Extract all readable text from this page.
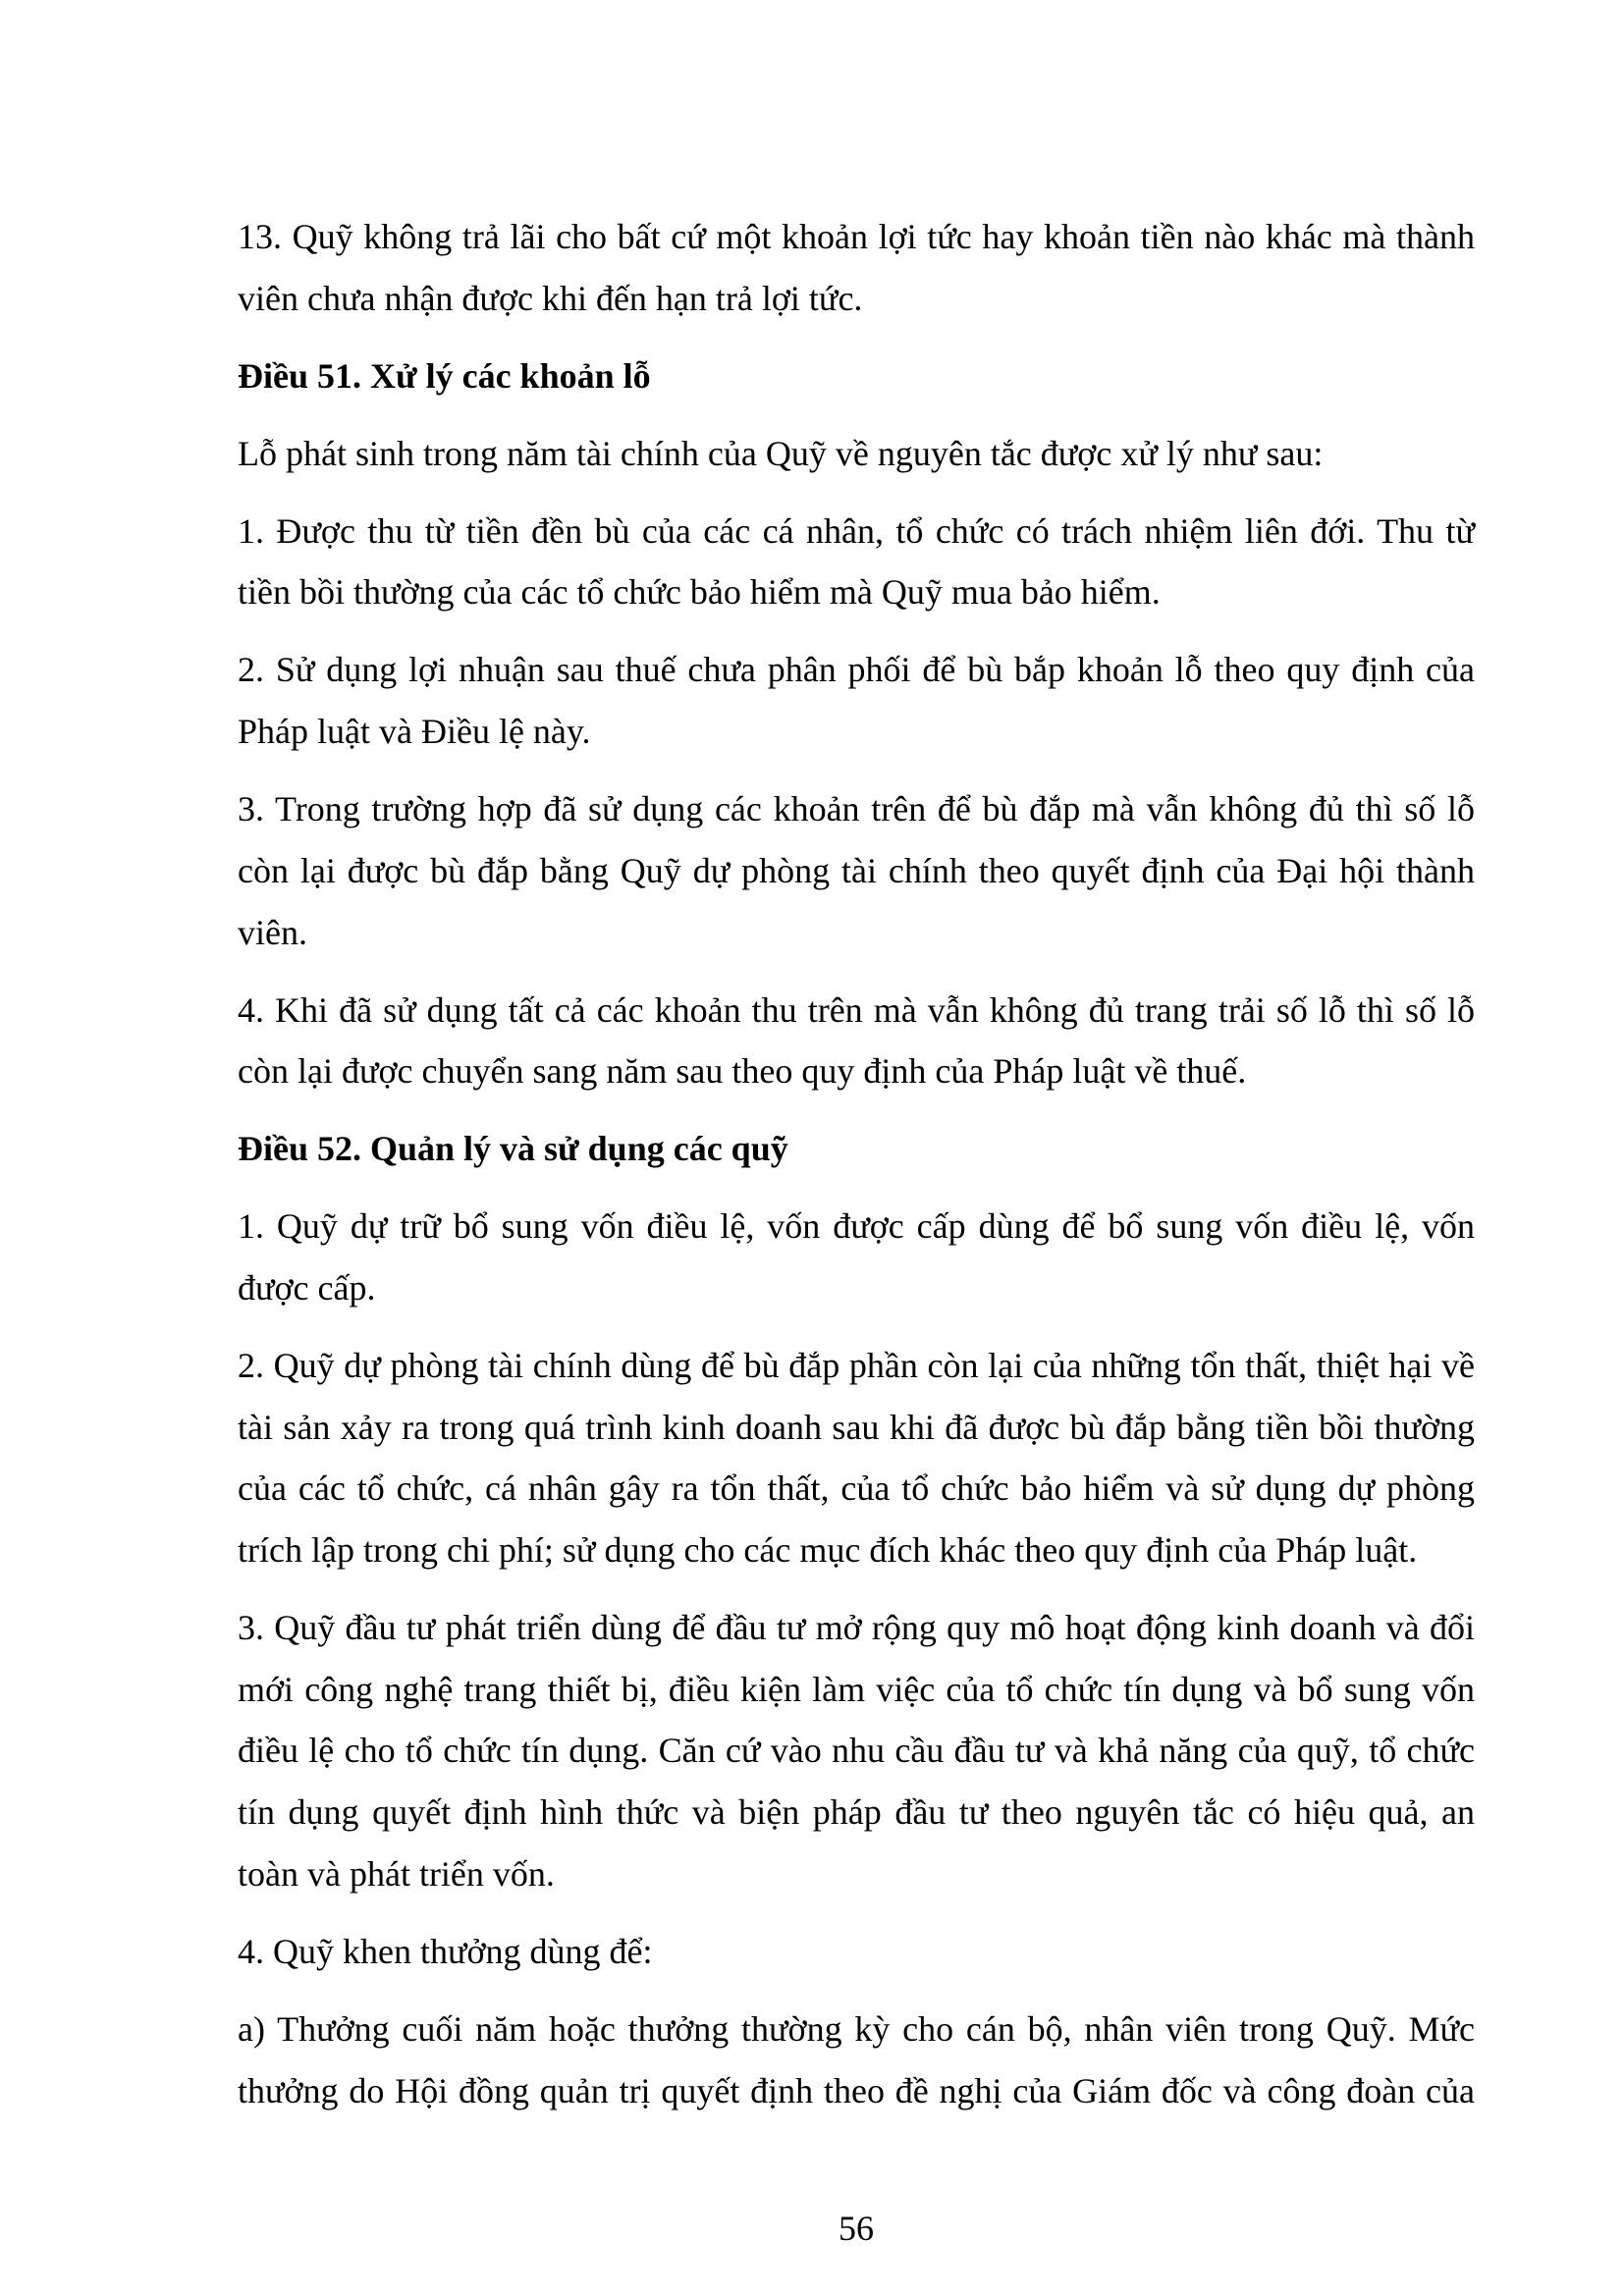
13. Quỹ không trả lãi cho bất cứ một khoản lợi tức hay khoản tiền nào khác mà thành
viên chưa nhận được khi đến hạn trả lợi tức.
Điều 51. Xử lý các khoản lỗ
Lỗ phát sinh trong năm tài chính của Quỹ về nguyên tắc được xử lý như sau:
1. Được thu từ tiền đền bù của các cá nhân, tổ chức có trách nhiệm liên đới. Thu từ
tiền bồi thường của các tổ chức bảo hiểm mà Quỹ mua bảo hiểm.
2. Sử dụng lợi nhuận sau thuế chưa phân phối để bù bắp khoản lỗ theo quy định của
Pháp luật và Điều lệ này.
3. Trong trường hợp đã sử dụng các khoản trên để bù đắp mà vẫn không đủ thì số lỗ
còn lại được bù đắp bằng Quỹ dự phòng tài chính theo quyết định của Đại hội thành
viên.
4. Khi đã sử dụng tất cả các khoản thu trên mà vẫn không đủ trang trải số lỗ thì số lỗ
còn lại được chuyển sang năm sau theo quy định của Pháp luật về thuế.
Điều 52. Quản lý và sử dụng các quỹ
1. Quỹ dự trữ bổ sung vốn điều lệ, vốn được cấp dùng để bổ sung vốn điều lệ, vốn
được cấp.
2. Quỹ dự phòng tài chính dùng để bù đắp phần còn lại của những tổn thất, thiệt hại về
tài sản xảy ra trong quá trình kinh doanh sau khi đã được bù đắp bằng tiền bồi thường
của các tổ chức, cá nhân gây ra tổn thất, của tổ chức bảo hiểm và sử dụng dự phòng
trích lập trong chi phí; sử dụng cho các mục đích khác theo quy định của Pháp luật.
3. Quỹ đầu tư phát triển dùng để đầu tư mở rộng quy mô hoạt động kinh doanh và đổi
mới công nghệ trang thiết bị, điều kiện làm việc của tổ chức tín dụng và bổ sung vốn
điều lệ cho tổ chức tín dụng. Căn cứ vào nhu cầu đầu tư và khả năng của quỹ, tổ chức
tín dụng quyết định hình thức và biện pháp đầu tư theo nguyên tắc có hiệu quả, an
toàn và phát triển vốn.
4. Quỹ khen thưởng dùng để:
a) Thưởng cuối năm hoặc thưởng thường kỳ cho cán bộ, nhân viên trong Quỹ. Mức
thưởng do Hội đồng quản trị quyết định theo đề nghị của Giám đốc và công đoàn của
56
